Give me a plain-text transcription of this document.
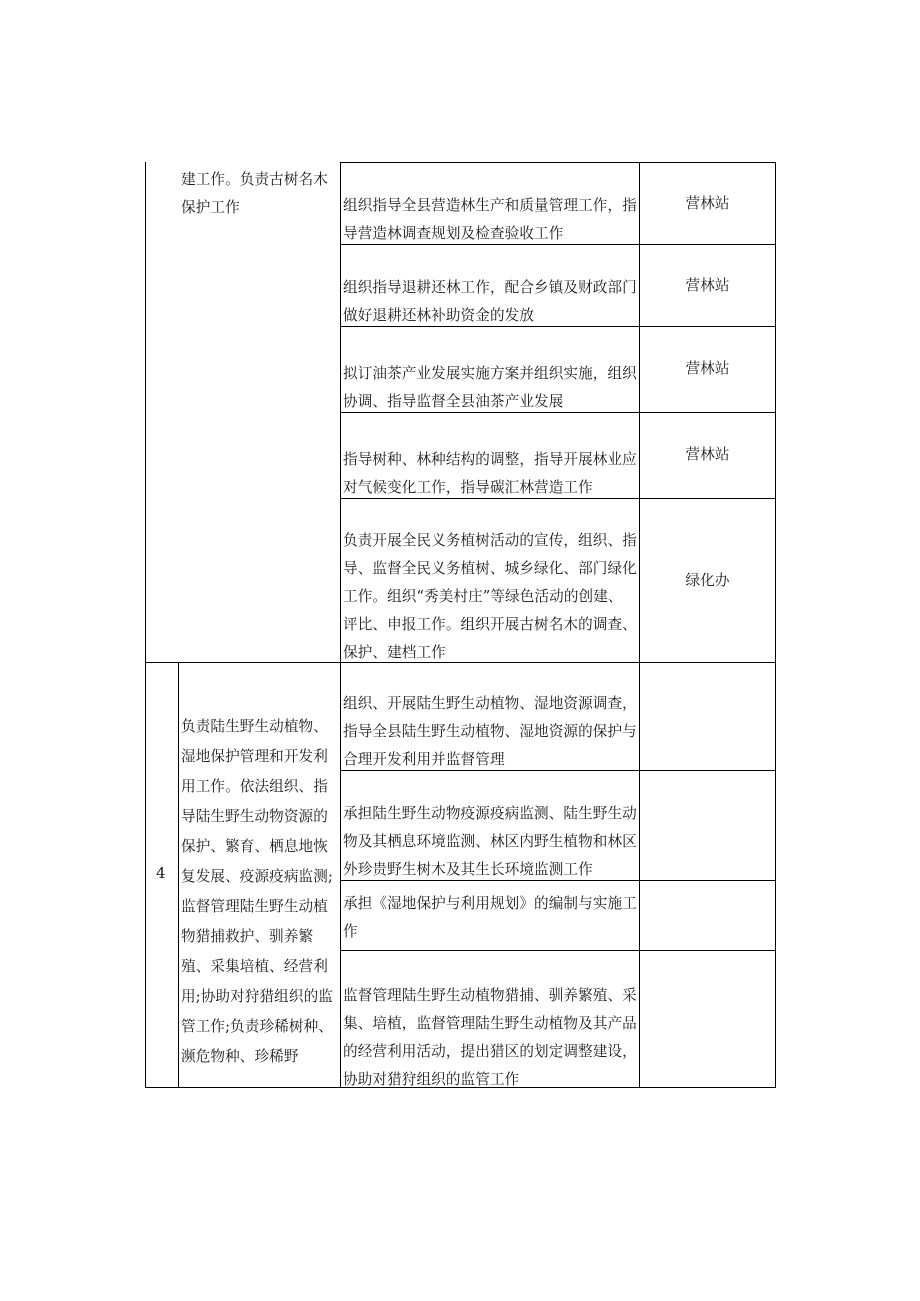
建工作。负责古树名木保护工作	组织指导全县营造林生产和质量管理工作，指导营造林调查规划及检查验收工作
营林站
组织指导退耕还林工作，配合乡镇及财政部门做好退耕还林补助资金的发放
营林站
拟订油茶产业发展实施方案并组织实施，组织协调、指导监督全县油茶产业发展
营林站
指导树种、林种结构的调整，指导开展林业应对气候变化工作，指导碳汇林营造工作
营林站
负责开展全民义务植树活动的宣传，组织、指导、监督全民义务植树、城乡绿化、部门绿化工作。组织“秀美村庄”等绿色活动的创建、评比、申报工作。组织开展古树名木的调查、保护、建档工作
绿化办
4
负责陆生野生动植物、湿地保护管理和开发利用工作。依法组织、指导陆生野生动物资源的保护、繁育、栖息地恢复发展、疫源疫病监测;监督管理陆生野生动植物猎捕救护、驯养繁殖、采集培植、经营利用;协助对狩猎组织的监管工作;负责珍稀树种、濒危物种、珍稀野
组织、开展陆生野生动植物、湿地资源调查，指导全县陆生野生动植物、湿地资源的保护与合理开发利用并监督管理
承担陆生野生动物疫源疫病监测、陆生野生动物及其栖息环境监测、林区内野生植物和林区外珍贵野生树木及其生长环境监测工作
承担《湿地保护与利用规划》的编制与实施工作
监督管理陆生野生动植物猎捕、驯养繁殖、采集、培植，监督管理陆生野生动植物及其产品的经营利用活动，提出猎区的划定调整建设，协助对猎狩组织的监管工作
